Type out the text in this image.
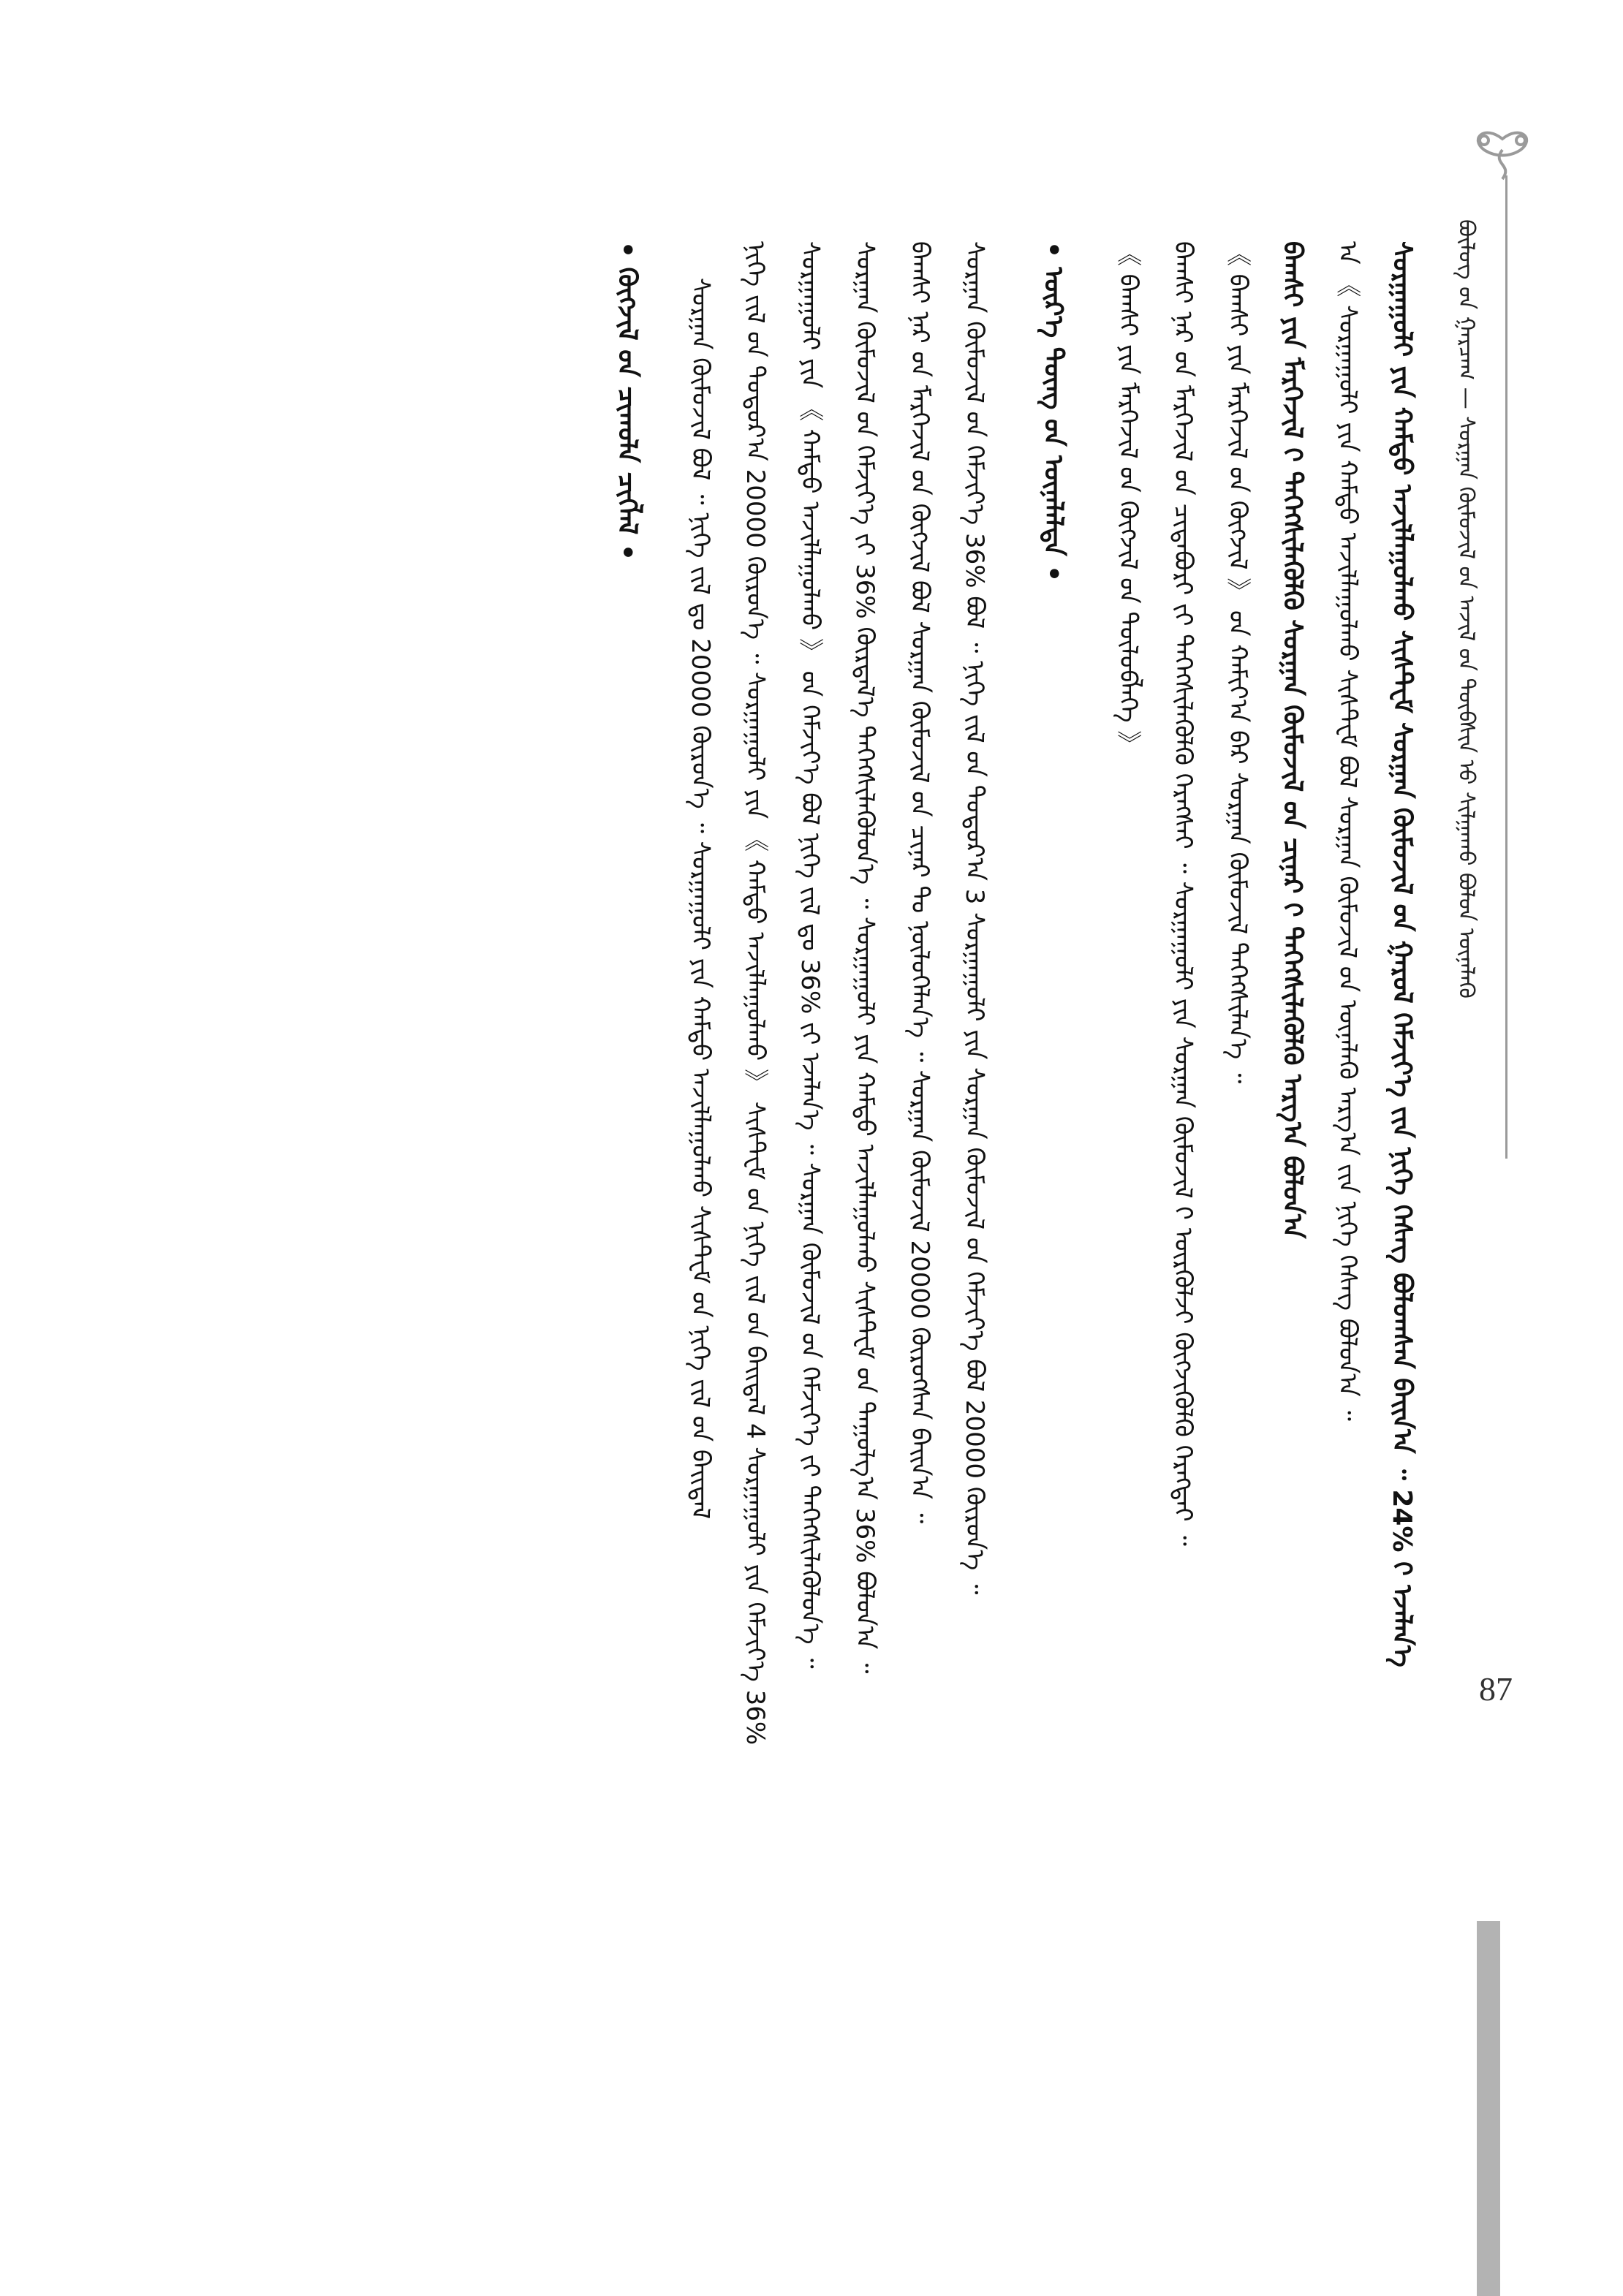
ᠪᠦᠯᠦᠭ ᠤ᠋ᠨ ᠭᠠᠷᠴᠠᠭ — ᠰᠤᠷᠭᠠᠨ ᠬᠦᠮᠦᠵᠢᠯ ᠦ᠋ᠨ ᠠᠵᠢᠯ ᠤ᠋ᠨ ᠲᠦᠪᠰᠢᠨ ᠦ᠋ ᠰᠢᠯᠭᠠᠬᠤ ᠪᠣᠯᠤᠨ ᠦᠨᠡᠯᠡᠬᠦ
ᠰᠤᠷᠭᠠᠭᠤᠯᠢ ᠶᠢᠨ ᠬᠠᠮᠲᠤ ᠠᠵᠢᠯᠯᠠᠭᠤᠯᠬᠤ ᠰᠢᠰᠲ᠋ᠧᠮ ᠰᠤᠷᠭᠠᠨ ᠬᠦᠮᠦᠵᠢᠯ ᠦ᠋ᠨ ᠭᠠᠷᠤᠯ ᠬᠡᠮᠵᠢᠶ᠎ᠡ ᠶ᠋ᠢᠨ ᠨᠢᠭᠡ ᠬᠡᠰᠡᠭ ᠪᠣᠯᠤᠭᠰᠠᠨ ᠪᠠᠢᠨ᠎ᠠ ᠃ 24% ᠢ᠋ ᠡᠵᠡᠯᠡᠨ᠎ᠡ
᠎ᠠ 《 ᠰᠤᠷᠭᠠᠭᠤᠯᠢ ᠶᠢᠨ ᠬᠠᠮᠲᠤ ᠠᠵᠢᠯᠯᠠᠭᠤᠯᠬᠤ ᠰᠢᠰᠲ᠋ᠧᠮ ᠪᠣᠯ ᠰᠤᠷᠭᠠᠨ ᠬᠦᠮᠦᠵᠢᠯ ᠦ᠋ᠨ ᠦᠨᠡᠯᠡᠬᠦ ᠠᠷᠭ᠎ᠠ ᠶ᠋ᠢᠨ ᠨᠢᠭᠡ ᠬᠡᠰᠡᠭ ᠪᠣᠯᠤᠨ᠎ᠠ ᠃
ᠪᠠᠭᠰᠢ ᠶᠢᠨ ᠮᠡᠷᠭᠡᠵᠢᠯ ᠢ᠋ ᠳᠡᠭᠡᠭᠰᠢᠯᠡᠭᠦᠯᠬᠦ ᠰᠤᠷᠭᠠᠨ ᠬᠦᠮᠦᠵᠢᠯ ᠦ᠋ᠨ ᠴᠢᠨᠠᠷ ᠢ᠋ ᠳᠡᠭᠡᠭᠰᠢᠯᠡᠭᠦᠯᠬᠦ ᠠᠷᠭ᠎ᠠ ᠪᠣᠯᠤᠨ᠎ᠠ
《 ᠪᠠᠭᠰᠢ ᠶᠢᠨ ᠮᠡᠷᠭᠡᠵᠢᠯ ᠦ᠋ᠨ ᠬᠥᠭᠵᠢᠯ 》 ᠦ᠋ᠨ ᠬᠠᠮᠢᠶ᠎ᠠ ᠪᠠᠷ ᠰᠤᠷᠭᠠᠨ ᠬᠦᠮᠦᠵᠢᠯ ᠳᠡᠭᠡᠭᠰᠢᠯᠡᠨ᠎ᠡ ᠃
ᠪᠠᠭᠰᠢ ᠨᠠᠷ ᠤ᠋ᠨ ᠮᠡᠷᠭᠡᠵᠢᠯ ᠦ᠋ᠨ ᠴᠢᠳᠠᠪᠤᠷᠢ ᠶ᠋ᠢ ᠳᠡᠭᠡᠭᠰᠢᠯᠡᠭᠦᠯᠬᠦ ᠬᠡᠷᠡᠭᠰᠡᠢ ᠃ ᠰᠤᠷᠭᠠᠭᠤᠯᠢ ᠶᠢᠨ ᠰᠤᠷᠭᠠᠨ ᠬᠦᠮᠦᠵᠢᠯ ᠢ᠋ ᠦᠷᠭᠦᠯᠵᠢ ᠬᠥᠭᠵᠢᠭᠦᠯᠬᠦ ᠬᠡᠷᠡᠭᠲᠡᠢ ᠃
《 ᠪᠠᠭᠰᠢ ᠶᠢᠨ ᠮᠡᠷᠭᠡᠵᠢᠯ ᠦ᠋ᠨ ᠬᠥᠭᠵᠢᠯ ᠦ᠋ᠨ ᠲᠥᠯᠦᠪᠯᠡᠭᠡ 》
• ᠦᠷ᠎ᠡ ᠳᠦᠩ ᠦ᠋ᠨ ᠦᠨᠡᠯᠡᠯᠲᠡ •
ᠰᠤᠷᠭᠠᠨ ᠬᠦᠮᠦᠵᠢᠯ ᠦ᠋ᠨ ᠬᠡᠮᠵᠢᠶ᠎ᠡ 36% ᠪᠣᠯ ᠃ ᠨᠢᠭᠡ ᠵᠢᠯ ᠦ᠋ᠨ ᠳᠤᠲᠤᠷ᠎ᠠ 3 ᠰᠤᠷᠭᠠᠭᠤᠯᠢ ᠶᠢᠨ ᠰᠤᠷᠭᠠᠨ ᠬᠦᠮᠦᠵᠢᠯ ᠦ᠋ᠨ ᠬᠡᠮᠵᠢᠶ᠎ᠡ ᠪᠣᠯ 20000 ᠬᠦᠷᠦᠨ᠎ᠡ ᠃
ᠪᠠᠭᠰᠢ ᠨᠠᠷ ᠤ᠋ᠨ ᠮᠡᠷᠭᠡᠵᠢᠯ ᠦ᠋ᠨ ᠬᠥᠭᠵᠢᠯ ᠪᠣᠯ ᠰᠤᠷᠭᠠᠨ ᠬᠦᠮᠦᠵᠢᠯ ᠦ᠋ᠨ ᠴᠢᠨᠠᠷ ᠲᠤ ᠨᠥᠯᠦᠭᠡᠯᠡᠨ᠎ᠡ ᠃ ᠰᠤᠷᠭᠠᠨ ᠬᠦᠮᠦᠵᠢᠯ 20000 ᠬᠦᠷᠦᠭᠰᠡᠨ ᠪᠠᠢᠨ᠎ᠠ ᠃
ᠰᠤᠷᠭᠠᠨ ᠬᠦᠮᠦᠵᠢᠯ ᠦ᠋ᠨ ᠬᠡᠮᠵᠢᠶ᠎ᠡ ᠶ᠋ᠢ 36% ᠬᠦᠷᠲᠡᠯ᠎ᠡ ᠳᠡᠭᠡᠭᠰᠢᠯᠡᠭᠦᠯᠦᠨ᠎ᠡ ᠃ ᠰᠤᠷᠭᠠᠭᠤᠯᠢ ᠶᠢᠨ ᠬᠠᠮᠲᠤ ᠠᠵᠢᠯᠯᠠᠭᠤᠯᠬᠤ ᠰᠢᠰᠲ᠋ᠧᠮ ᠦ᠋ᠨ ᠳᠠᠭᠤᠯᠭ᠎ᠠ 36% ᠪᠣᠯᠤᠨ᠎ᠠ ᠃
ᠰᠤᠷᠭᠠᠭᠤᠯᠢ ᠶᠢᠨ 《 ᠬᠠᠮᠲᠤ ᠠᠵᠢᠯᠯᠠᠭᠤᠯᠬᠤ 》 ᠦ᠋ᠨ ᠬᠡᠮᠵᠢᠶ᠎ᠡ ᠪᠣᠯ ᠨᠢᠭᠡ ᠵᠢᠯ ᠳᠤ 36% ᠶ᠋ᠢ ᠡᠵᠡᠯᠡᠨ᠎ᠡ ᠃ ᠰᠤᠷᠭᠠᠨ ᠬᠦᠮᠦᠵᠢᠯ ᠦ᠋ᠨ ᠬᠡᠮᠵᠢᠶ᠎ᠡ ᠶ᠋ᠢ ᠳᠡᠭᠡᠭᠰᠢᠯᠡᠭᠦᠯᠦᠨ᠎ᠡ ᠃
ᠨᠢᠭᠡ ᠵᠢᠯ ᠦ᠋ᠨ ᠳᠤᠲᠤᠷ᠎ᠠ 20000 ᠬᠦᠷᠦᠨ᠎ᠡ ᠃ ᠰᠤᠷᠭᠠᠭᠤᠯᠢ ᠶᠢᠨ 《 ᠬᠠᠮᠲᠤ ᠠᠵᠢᠯᠯᠠᠭᠤᠯᠬᠤ 》 ᠰᠢᠰᠲ᠋ᠧᠮ ᠦ᠋ᠨ ᠨᠢᠭᠡ ᠵᠢᠯ ᠦ᠋ᠨ ᠪᠠᠢᠳᠠᠯ 4 ᠰᠤᠷᠭᠠᠭᠤᠯᠢ ᠶᠢᠨ ᠬᠡᠮᠵᠢᠶ᠎ᠡ 36%
ᠰᠤᠷᠭᠠᠨ ᠬᠦᠮᠦᠵᠢᠯ ᠪᠣᠯ ᠃ ᠨᠢᠭᠡ ᠵᠢᠯ ᠳᠤ 20000 ᠬᠦᠷᠦᠨ᠎ᠡ ᠃ ᠰᠤᠷᠭᠠᠭᠤᠯᠢ ᠶᠢᠨ ᠬᠠᠮᠲᠤ ᠠᠵᠢᠯᠯᠠᠭᠤᠯᠬᠤ ᠰᠢᠰᠲ᠋ᠧᠮ ᠦ᠋ᠨ ᠨᠢᠭᠡ ᠵᠢᠯ ᠦ᠋ᠨ ᠪᠠᠢᠳᠠᠯ
• ᠬᠥᠭᠵᠢᠯ ᠦ᠋ᠨ ᠴᠢᠬᠤᠯᠠ ᠴᠢᠭᠯᠡᠯ •
87
